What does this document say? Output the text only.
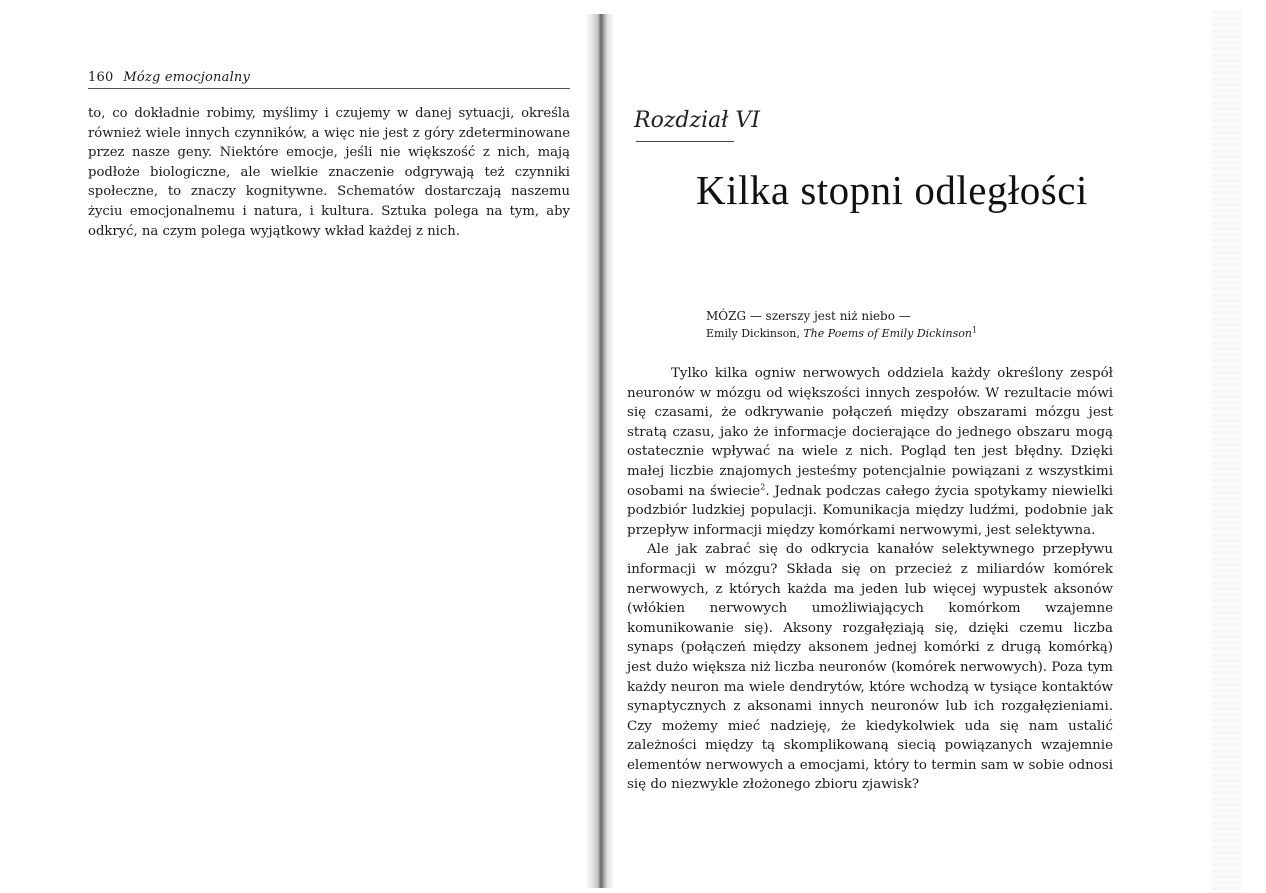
160 Mózg emocjonalny
to, co dokładnie robimy, myślimy i czujemy w danej sytuacji, określa również wiele innych czynników, a więc nie jest z góry zdeterminowane przez nasze geny. Niektóre emocje, jeśli nie większość z nich, mają podłoże biologiczne, ale wielkie znaczenie odgrywają też czynniki społeczne, to znaczy kognitywne. Schematów dostarczają naszemu życiu emocjonalnemu i natura, i kultura. Sztuka polega na tym, aby odkryć, na czym polega wyjątkowy wkład każdej z nich.
Rozdział VI
Kilka stopni odległości
MÓZG — szerszy jest niż niebo —
Emily Dickinson, The Poems of Emily Dickinson$^1$

Tylko kilka ogniw nerwowych oddziela każdy określony zespół neuronów w mózgu od większości innych zespołów. W rezultacie mówi się czasami, że odkrywanie połączeń między obszarami mózgu jest stratą czasu, jako że informacje docierające do jednego obszaru mogą ostatecznie wpływać na wiele z nich. Pogląd ten jest błędny. Dzięki małej liczbie znajomych jesteśmy potencjalnie powiązani z wszystkimi osobami na świecie$^2$. Jednak podczas całego życia spotykamy niewielki podzbiór ludzkiej populacji. Komunikacja między ludźmi, podobnie jak przepływ informacji między komórkami nerwowymi, jest selektywna.

Ale jak zabrać się do odkrycia kanałów selektywnego przepływu informacji w mózgu? Składa się on przecież z miliardów komórek nerwowych, z których każda ma jeden lub więcej wypustek aksonów (włókien nerwowych umożliwiających komórkom wzajemne komunikowanie się). Aksony rozgałęziają się, dzięki czemu liczba synaps (połączeń między aksonem jednej komórki z drugą komórką) jest dużo większa niż liczba neuronów (komórek nerwowych). Poza tym każdy neuron ma wiele dendrytów, które wchodzą w tysiące kontaktów synaptycznych z aksonami innych neuronów lub ich rozgałęzieniami. Czy możemy mieć nadzieję, że kiedykolwiek uda się nam ustalić zależności między tą skomplikowaną siecią powiązanych wzajemnie elementów nerwowych a emocjami, który to termin sam w sobie odnosi się do niezwykle złożonego zbioru zjawisk?
